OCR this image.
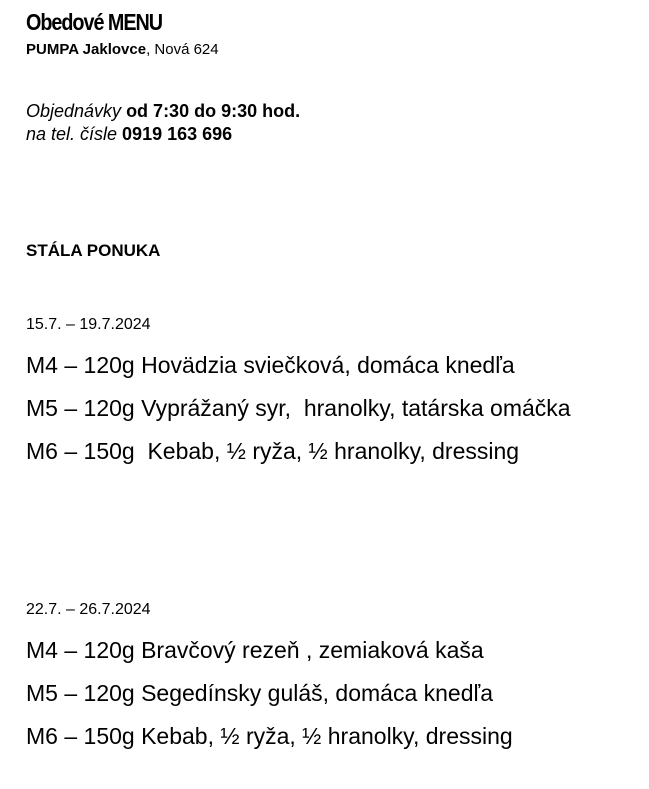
Obedové MENU
PUMPA Jaklovce, Nová 624
Objednávky od 7:30 do 9:30 hod.
na tel. čísle 0919 163 696
STÁLA PONUKA
15.7. – 19.7.2024
M4 – 120g Hovädzia sviečková, domáca knedľa
M5 – 120g Vyprážaný syr,  hranolky, tatárska omáčka
M6 – 150g  Kebab, ½ ryža, ½ hranolky, dressing
22.7. – 26.7.2024
M4 – 120g Bravčový rezeň , zemiaková kaša
M5 – 120g Segedínsky guláš, domáca knedľa
M6 – 150g Kebab, ½ ryža, ½ hranolky, dressing
